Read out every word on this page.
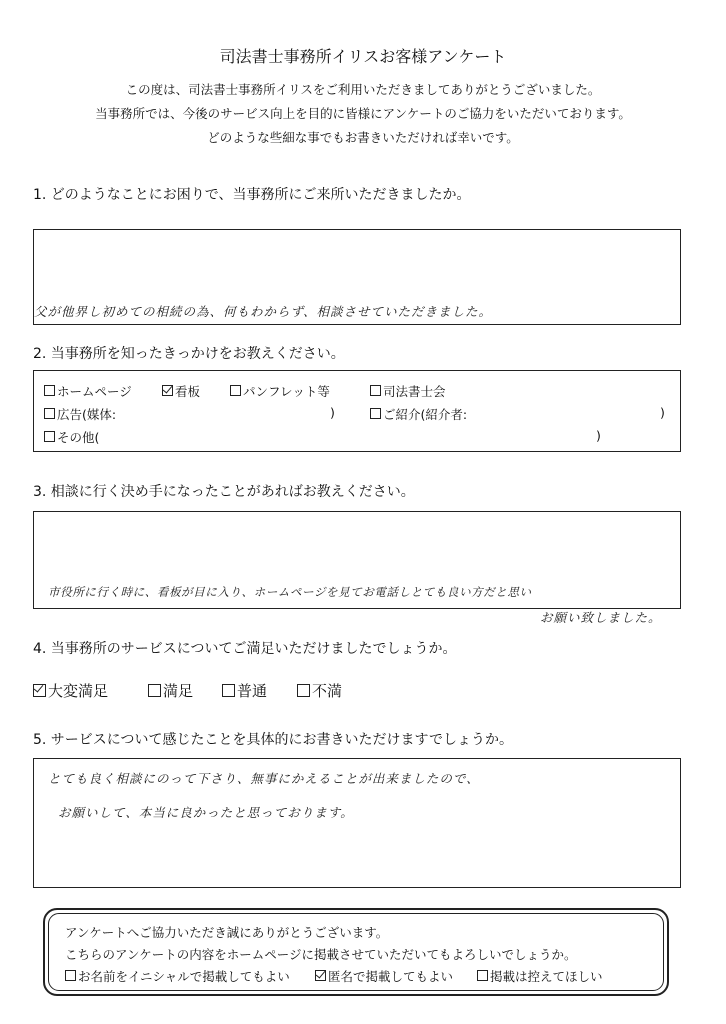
司法書士事務所イリスお客様アンケート
この度は、司法書士事務所イリスをご利用いただきましてありがとうございました。
当事務所では、今後のサービス向上を目的に皆様にアンケートのご協力をいただいております。
どのような些細な事でもお書きいただければ幸いです。
1. どのようなことにお困りで、当事務所にご来所いただきましたか。
父が他界し初めての相続の為、何もわからず、相談させていただきました。
2. 当事務所を知ったきっかけをお教えください。
ホームページ	看板	パンフレット等	司法書士会
広告(媒体:	)	ご紹介(紹介者:	)
その他(	)
3. 相談に行く決め手になったことがあればお教えください。
市役所に行く時に、看板が目に入り、ホームページを見てお電話しとても良い方だと思い
お願い致しました。
4. 当事務所のサービスについてご満足いただけましたでしょうか。
大変満足	満足	普通	不満
5. サービスについて感じたことを具体的にお書きいただけますでしょうか。
とても良く相談にのって下さり、無事にかえることが出来ましたので、
お願いして、本当に良かったと思っております。
アンケートへご協力いただき誠にありがとうございます。
こちらのアンケートの内容をホームページに掲載させていただいてもよろしいでしょうか。
お名前をイニシャルで掲載してもよい	匿名で掲載してもよい	掲載は控えてほしい
